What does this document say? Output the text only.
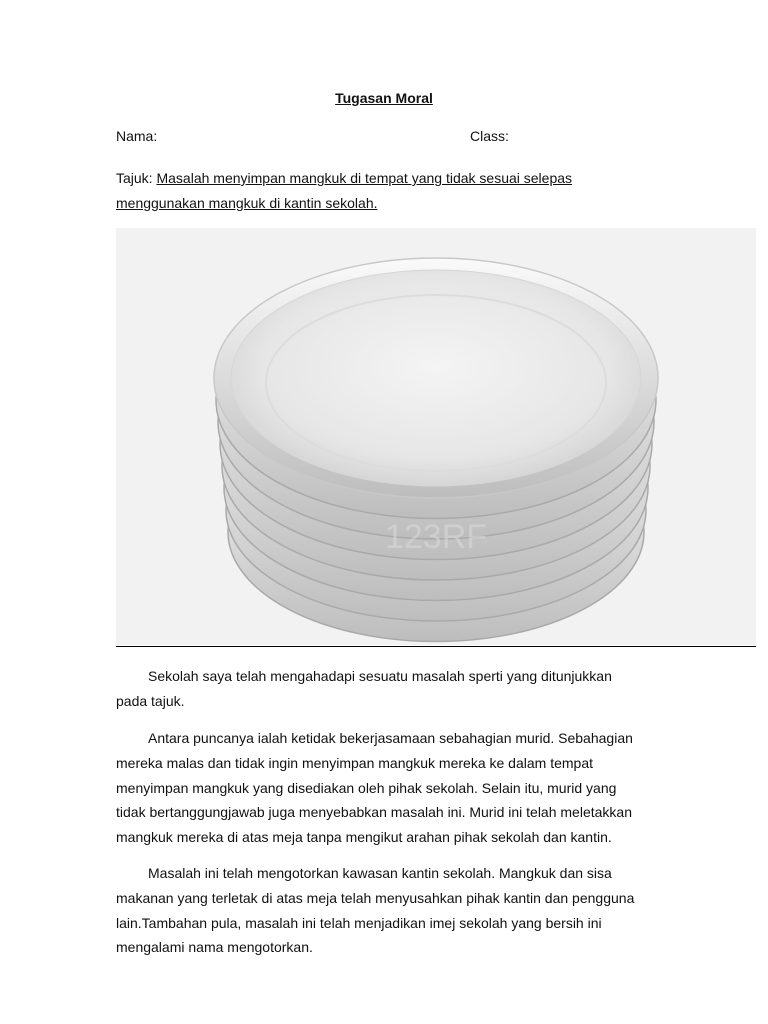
Tugasan Moral
Nama:	Class:
Tajuk: Masalah menyimpan mangkuk di tempat yang tidak sesuai selepas menggunakan mangkuk di kantin sekolah.
123RF

Sekolah saya telah mengahadapi sesuatu masalah sperti yang ditunjukkan pada tajuk.

Antara puncanya ialah ketidak bekerjasamaan sebahagian murid. Sebahagian mereka malas dan tidak ingin menyimpan mangkuk mereka ke dalam tempat menyimpan mangkuk yang disediakan oleh pihak sekolah. Selain itu, murid yang tidak bertanggungjawab juga menyebabkan masalah ini. Murid ini telah meletakkan mangkuk mereka di atas meja tanpa mengikut arahan pihak sekolah dan kantin.

Masalah ini telah mengotorkan kawasan kantin sekolah. Mangkuk dan sisa makanan yang terletak di atas meja telah menyusahkan pihak kantin dan pengguna lain.Tambahan pula, masalah ini telah menjadikan imej sekolah yang bersih ini mengalami nama mengotorkan.
